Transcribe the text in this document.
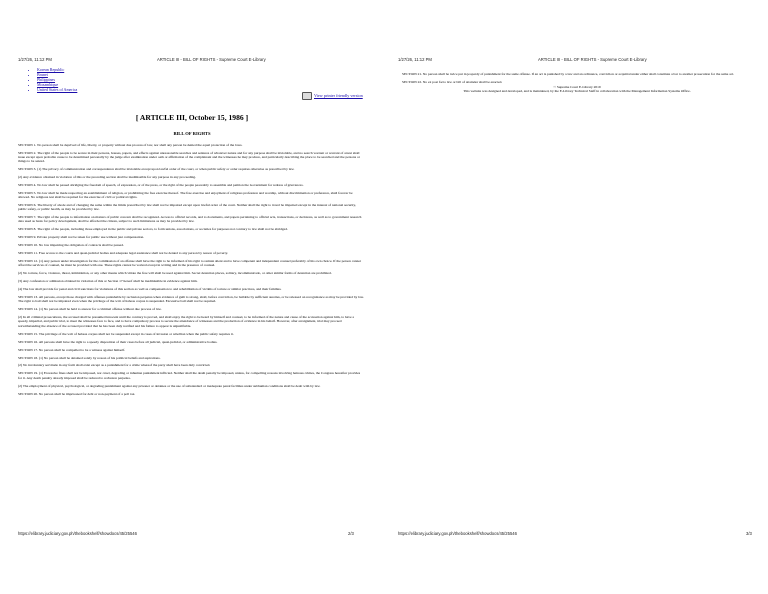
1/27/26, 11:12 PM	ARTICLE III - BILL OF RIGHTS - Supreme Court E-Library
• Korean Republic
• Brunei
• Philippines
• Mozambique
• United States of America
View printer friendly version
[ ARTICLE III, October 15, 1986 ]
BILL OF RIGHTS

SECTION 1. No person shall be deprived of life, liberty, or property without due process of law, nor shall any person be denied the equal protection of the laws.

SECTION 2. The right of the people to be secure in their persons, houses, papers, and effects against unreasonable searches and seizures of whatever nature and for any purpose shall be inviolable, and no search warrant or warrant of arrest shall issue except upon probable cause to be determined personally by the judge after examination under oath or affirmation of the complainant and the witnesses he may produce, and particularly describing the place to be searched and the persons or things to be seized.

SECTION 3. (1) The privacy of communication and correspondence shall be inviolable except upon lawful order of the court, or when public safety or order requires otherwise as prescribed by law.

(2) Any evidence obtained in violation of this or the preceding section shall be inadmissible for any purpose in any proceeding.

SECTION 4. No law shall be passed abridging the freedom of speech, of expression, or of the press, or the right of the people peaceably to assemble and petition the Government for redress of grievances.

SECTION 5. No law shall be made respecting an establishment of religion, or prohibiting the free exercise thereof. The free exercise and enjoyment of religious profession and worship, without discrimination or preference, shall forever be allowed. No religious test shall be required for the exercise of civil or political rights.

SECTION 6. The liberty of abode and of changing the same within the limits prescribed by law shall not be impaired except upon lawful order of the court. Neither shall the right to travel be impaired except in the interest of national security, public safety, or public health, as may be provided by law.

SECTION 7. The right of the people to information on matters of public concern shall be recognized. Access to official records, and to documents, and papers pertaining to official acts, transactions, or decisions, as well as to government research data used as basis for policy development, shall be afforded the citizen, subject to such limitations as may be provided by law.

SECTION 8. The right of the people, including those employed in the public and private sectors, to form unions, associations, or societies for purposes not contrary to law shall not be abridged.

SECTION 9. Private property shall not be taken for public use without just compensation.

SECTION 10. No law impairing the obligation of contracts shall be passed.

SECTION 11. Free access to the courts and quasi-judicial bodies and adequate legal assistance shall not be denied to any person by reason of poverty.

SECTION 12. (1) Any person under investigation for the commission of an offense shall have the right to be informed of his right to remain silent and to have competent and independent counsel preferably of his own choice. If the person cannot afford the services of counsel, he must be provided with one. These rights cannot be waived except in writing and in the presence of counsel.

(2) No torture, force, violence, threat, intimidation, or any other means which vitiate the free will shall be used against him. Secret detention places, solitary, incommunicado, or other similar forms of detention are prohibited.

(3) Any confession or admission obtained in violation of this or Section 17 hereof shall be inadmissible in evidence against him.

(4) The law shall provide for penal and civil sanctions for violations of this section as well as compensation to and rehabilitation of victims of torture or similar practices, and their families.

SECTION 13. All persons, except those charged with offenses punishable by reclusion perpetua when evidence of guilt is strong, shall, before conviction, be bailable by sufficient sureties, or be released on recognizance as may be provided by law. The right to bail shall not be impaired even when the privilege of the writ of habeas corpus is suspended. Excessive bail shall not be required.

SECTION 14. (1) No person shall be held to answer for a criminal offense without due process of law.

(2) In all criminal prosecutions, the accused shall be presumed innocent until the contrary is proved, and shall enjoy the right to be heard by himself and counsel, to be informed of the nature and cause of the accusation against him, to have a speedy, impartial, and public trial, to meet the witnesses face to face, and to have compulsory process to secure the attendance of witnesses and the production of evidence in his behalf. However, after arraignment, trial may proceed notwithstanding the absence of the accused provided that he has been duly notified and his failure to appear is unjustifiable.

SECTION 15. The privilege of the writ of habeas corpus shall not be suspended except in cases of invasion or rebellion when the public safety requires it.

SECTION 16. All persons shall have the right to a speedy disposition of their cases before all judicial, quasi-judicial, or administrative bodies.

SECTION 17. No person shall be compelled to be a witness against himself.

SECTION 18. (1) No person shall be detained solely by reason of his political beliefs and aspirations.

(2) No involuntary servitude in any form shall exist except as a punishment for a crime whereof the party shall have been duly convicted.

SECTION 19. (1) Excessive fines shall not be imposed, nor cruel, degrading or inhuman punishment inflicted. Neither shall the death penalty be imposed, unless, for compelling reasons involving heinous crimes, the Congress hereafter provides for it. Any death penalty already imposed shall be reduced to reclusion perpetua.

(2) The employment of physical, psychological, or degrading punishment against any prisoner or detainee or the use of substandard or inadequate penal facilities under subhuman conditions shall be dealt with by law.

SECTION 20. No person shall be imprisoned for debt or non-payment of a poll tax.

https://elibrary.judiciary.gov.ph/thebookshelf/showdocs/45/25546	2/3
1/27/26, 11:12 PM	ARTICLE III - BILL OF RIGHTS - Supreme Court E-Library

SECTION 21. No person shall be twice put in jeopardy of punishment for the same offense. If an act is punished by a law and an ordinance, conviction or acquittal under either shall constitute a bar to another prosecution for the same act.

SECTION 22. No ex post facto law or bill of attainder shall be enacted.

© Supreme Court E-Library 2019
This website was designed and developed, and is maintained, by the E-Library Technical Staff in collaboration with the Management Information Systems Office.
https://elibrary.judiciary.gov.ph/thebookshelf/showdocs/45/25546	3/3
